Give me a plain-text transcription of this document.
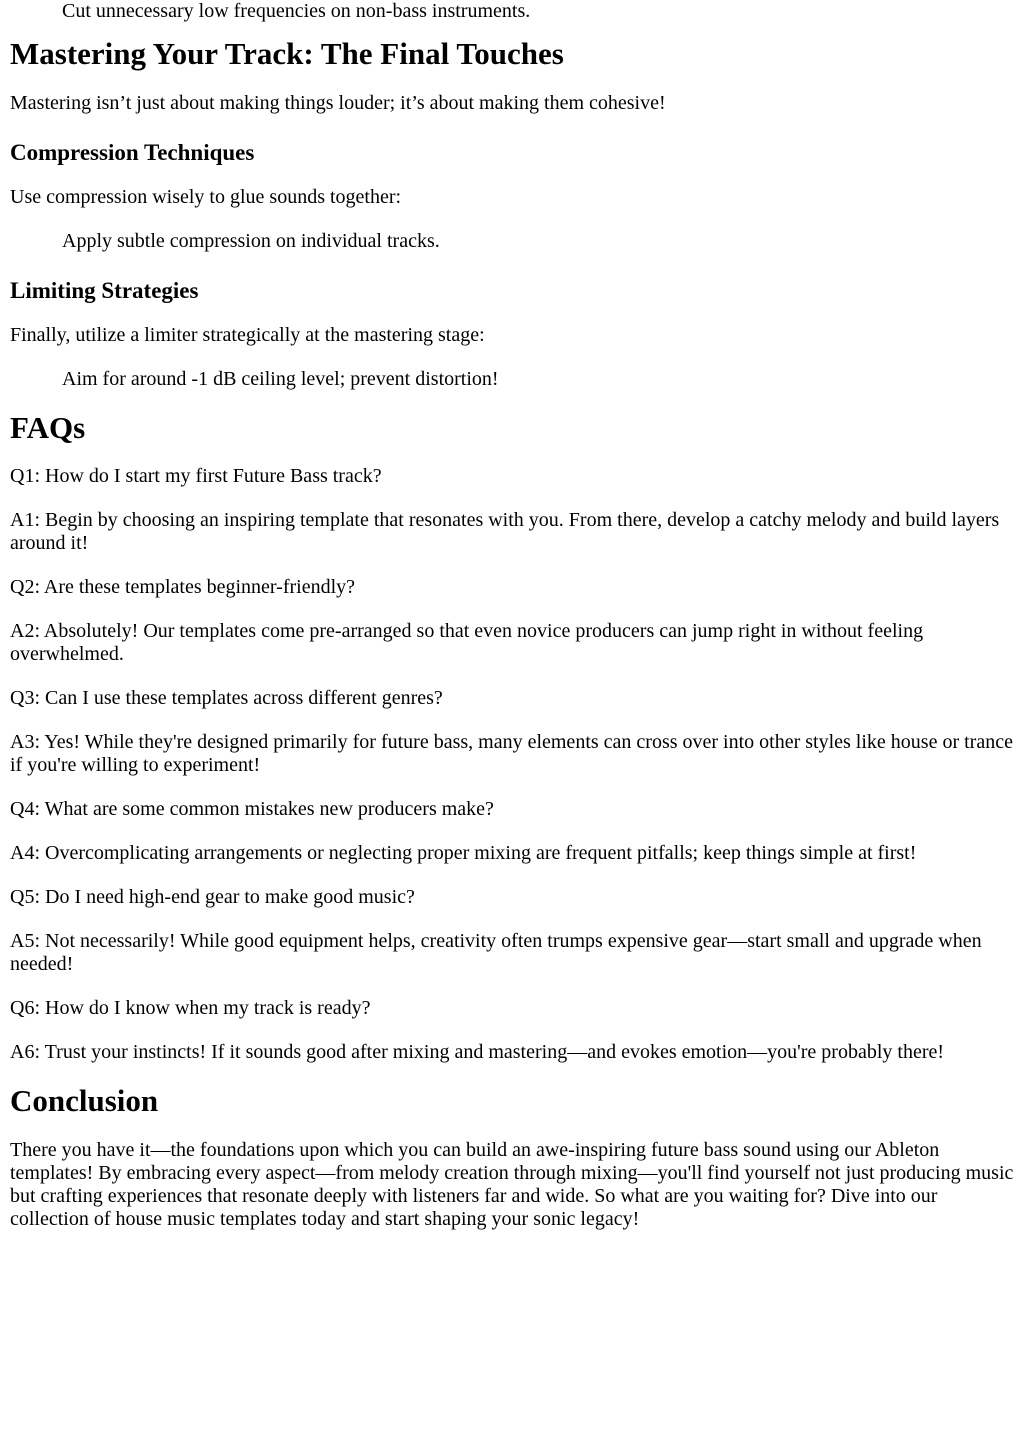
Cut unnecessary low frequencies on non-bass instruments.
Mastering Your Track: The Final Touches

Mastering isn’t just about making things louder; it’s about making them cohesive!

Compression Techniques

Use compression wisely to glue sounds together:

Apply subtle compression on individual tracks.
Limiting Strategies

Finally, utilize a limiter strategically at the mastering stage:

Aim for around -1 dB ceiling level; prevent distortion!
FAQs

Q1: How do I start my first Future Bass track?

A1: Begin by choosing an inspiring template that resonates with you. From there, develop a catchy melody and build layers around it!

Q2: Are these templates beginner-friendly?

A2: Absolutely! Our templates come pre-arranged so that even novice producers can jump right in without feeling overwhelmed.

Q3: Can I use these templates across different genres?

A3: Yes! While they're designed primarily for future bass, many elements can cross over into other styles like house or trance if you're willing to experiment!

Q4: What are some common mistakes new producers make?

A4: Overcomplicating arrangements or neglecting proper mixing are frequent pitfalls; keep things simple at first!

Q5: Do I need high-end gear to make good music?

A5: Not necessarily! While good equipment helps, creativity often trumps expensive gear—start small and upgrade when needed!

Q6: How do I know when my track is ready?

A6: Trust your instincts! If it sounds good after mixing and mastering—and evokes emotion—you're probably there!

Conclusion

There you have it—the foundations upon which you can build an awe-inspiring future bass sound using our Ableton templates! By embracing every aspect—from melody creation through mixing—you'll find yourself not just producing music but crafting experiences that resonate deeply with listeners far and wide. So what are you waiting for? Dive into our collection of house music templates today and start shaping your sonic legacy!
